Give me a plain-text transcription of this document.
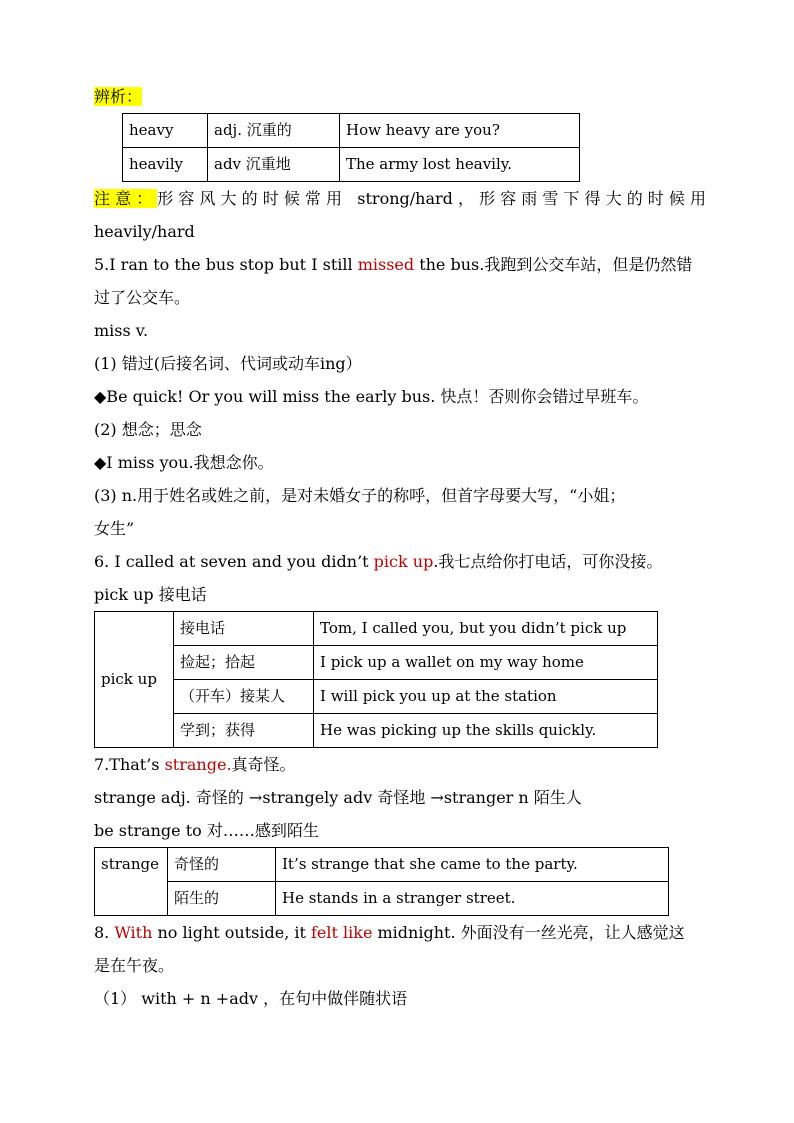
辨析：
heavy	adj. 沉重的	How heavy are you?
heavily	adv 沉重地	The army lost heavily.
注意：形容风大的时候常用 strong/hard，形容雨雪下得大的时候用
heavily/hard
5.I ran to the bus stop but I still missed the bus.我跑到公交车站，但是仍然错
过了公交车。
miss v.
(1) 错过(后接名词、代词或动车ing）
◆Be quick! Or you will miss the early bus. 快点！否则你会错过早班车。
(2) 想念；思念
◆I miss you.我想念你。
(3) n.用于姓名或姓之前，是对未婚女子的称呼，但首字母要大写，“小姐；
女生”
6. I called at seven and you didn’t pick up.我七点给你打电话，可你没接。
pick up 接电话
pick up	接电话	Tom, I called you, but you didn’t pick up
	捡起；拾起	I pick up a wallet on my way home
	（开车）接某人	I will pick you up at the station
	学到；获得	He was picking up the skills quickly.
7.That’s strange.真奇怪。
strange adj. 奇怪的 →strangely adv 奇怪地 →stranger n 陌生人
be strange to 对……感到陌生
strange	奇怪的	It’s strange that she came to the party.
	陌生的	He stands in a stranger street.
8. With no light outside, it felt like midnight. 外面没有一丝光亮，让人感觉这
是在午夜。
（1） with + n +adv ，在句中做伴随状语
